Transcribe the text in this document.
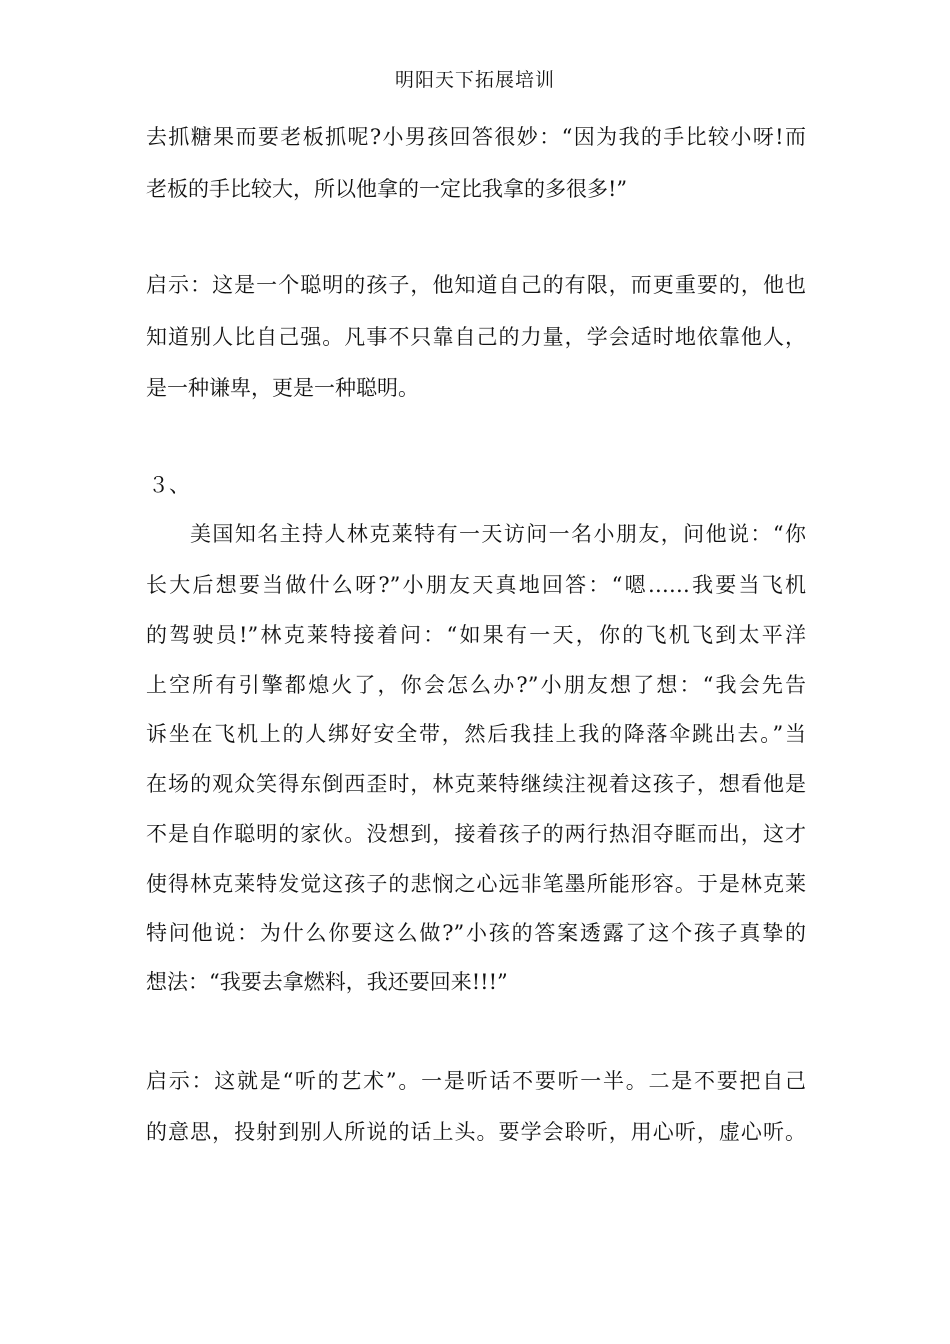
明阳天下拓展培训
去抓糖果而要老板抓呢?小男孩回答很妙：“因为我的手比较小呀!而
老板的手比较大，所以他拿的一定比我拿的多很多!”
启示：这是一个聪明的孩子，他知道自己的有限，而更重要的，他也
知道别人比自己强。凡事不只靠自己的力量，学会适时地依靠他人，
是一种谦卑，更是一种聪明。
３、
美国知名主持人林克莱特有一天访问一名小朋友，问他说：“你
长大后想要当做什么呀?”小朋友天真地回答：“嗯……我要当飞机
的驾驶员!”林克莱特接着问：“如果有一天，你的飞机飞到太平洋
上空所有引擎都熄火了，你会怎么办?”小朋友想了想：“我会先告
诉坐在飞机上的人绑好安全带，然后我挂上我的降落伞跳出去。”当
在场的观众笑得东倒西歪时，林克莱特继续注视着这孩子，想看他是
不是自作聪明的家伙。没想到，接着孩子的两行热泪夺眶而出，这才
使得林克莱特发觉这孩子的悲悯之心远非笔墨所能形容。于是林克莱
特问他说：为什么你要这么做?”小孩的答案透露了这个孩子真挚的
想法：“我要去拿燃料，我还要回来!!!”
启示：这就是“听的艺术”。一是听话不要听一半。二是不要把自己
的意思，投射到别人所说的话上头。要学会聆听，用心听，虚心听。
